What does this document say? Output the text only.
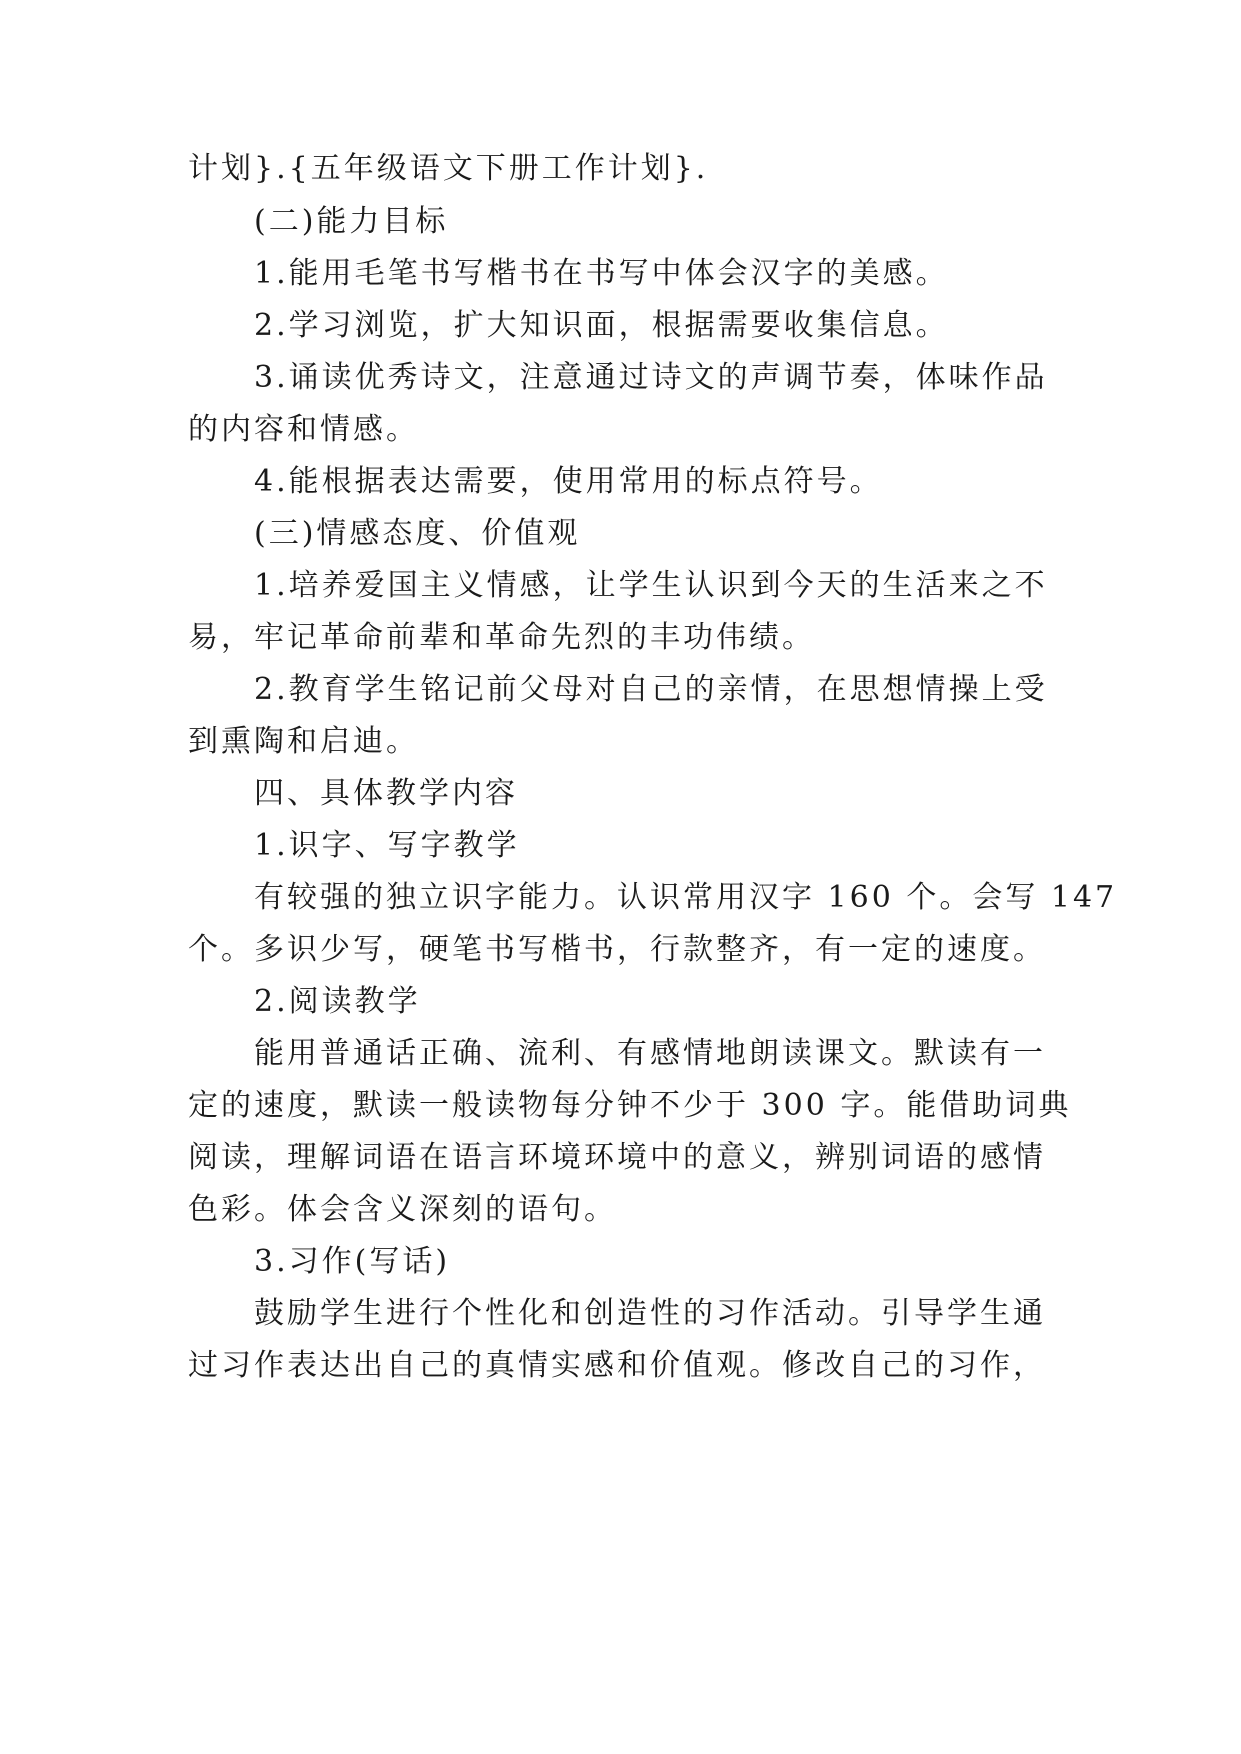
计划}.{五年级语文下册工作计划}.
(二)能力目标
1.能用毛笔书写楷书在书写中体会汉字的美感。
2.学习浏览，扩大知识面，根据需要收集信息。
3.诵读优秀诗文，注意通过诗文的声调节奏，体味作品
的内容和情感。
4.能根据表达需要，使用常用的标点符号。
(三)情感态度、价值观
1.培养爱国主义情感，让学生认识到今天的生活来之不
易，牢记革命前辈和革命先烈的丰功伟绩。
2.教育学生铭记前父母对自己的亲情，在思想情操上受
到熏陶和启迪。
四、具体教学内容
1.识字、写字教学
有较强的独立识字能力。认识常用汉字 160 个。会写 147
个。多识少写，硬笔书写楷书，行款整齐，有一定的速度。
2.阅读教学
能用普通话正确、流利、有感情地朗读课文。默读有一
定的速度，默读一般读物每分钟不少于 300 字。能借助词典
阅读，理解词语在语言环境环境中的意义，辨别词语的感情
色彩。体会含义深刻的语句。
3.习作(写话)
鼓励学生进行个性化和创造性的习作活动。引导学生通
过习作表达出自己的真情实感和价值观。修改自己的习作，
